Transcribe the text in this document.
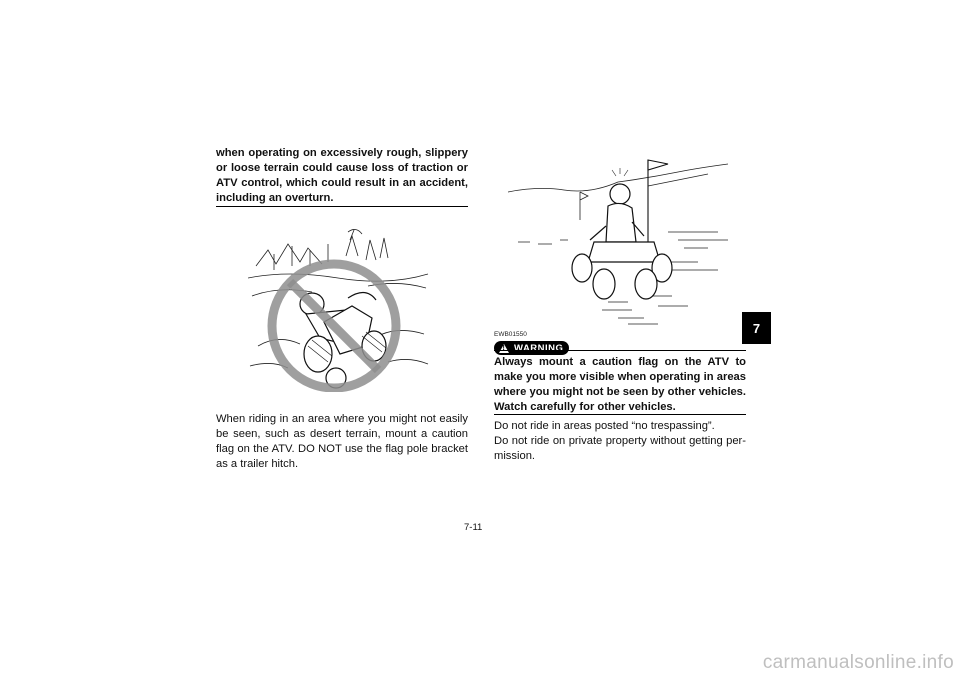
when operating on excessively rough, slippery or loose terrain could cause loss of traction or ATV control, which could result in an accident, including an overturn.

When riding in an area where you might not easily be seen, such as desert terrain, mount a caution flag on the ATV. DO NOT use the flag pole bracket as a trailer hitch.

EWB01550
!
WARNING

Always mount a caution flag on the ATV to make you more visible when operating in areas where you might not be seen by other vehicles. Watch carefully for other vehicles.

Do not ride in areas posted “no trespassing”.

Do not ride on private property without getting per-mission.

7
7-11
carmanualsonline.info
